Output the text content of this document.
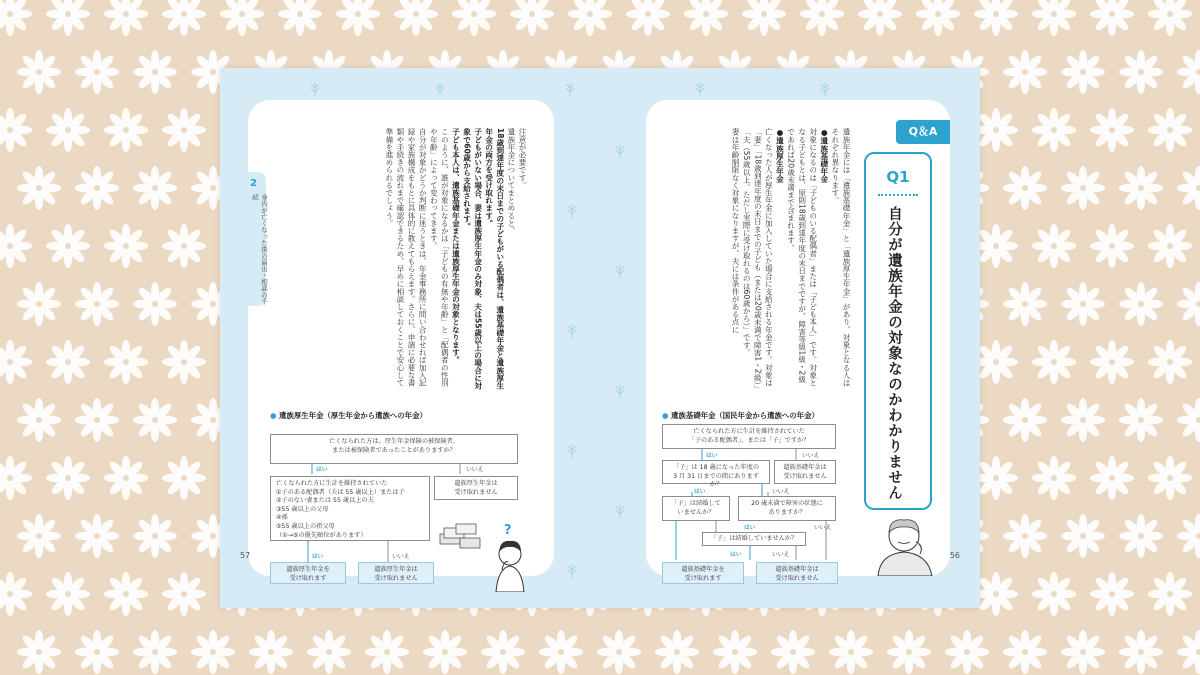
2
身内が亡くなった後の届出・相談の手続

注意が必要です。

遺族年金についてまとめると、

18歳到達年度の末日までの子どもがいる配偶者は、遺族基礎年金と遺族厚生年金の両方を受け取れます。

子どもがいない場合、妻は遺族厚生年金のみ対象、夫は55歳以上の場合に対象で60歳から支給されます。

子ども本人は、遺族基礎年金または遺族厚生年金の対象となります。

このように、誰が対象になるかは「子どもの有無や年齢」と「配偶者の性別や年齢」によって変わってきます。

自分が対象かどうか判断に迷うときは、年金事務所に問い合わせれば加入記録や家族構成をもとに具体的に教えてもらえます。さらに、申請に必要な書類や手続きの流れまで確認できるため、早めに相談しておくことで安心して準備を進められるでしょう。

● 遺族厚生年金（厚生年金から遺族への年金）
亡くなられた方は、厚生年金保険の被保険者、
または被保険者であったことがありますか？
はい	いいえ
亡くなられた方に生計を維持されていた
①子のある配偶者（夫は 55 歳以上）または子
②子のない妻または 55 歳以上の夫
③55 歳以上の父母
④孫
⑤55 歳以上の祖父母
（①→⑤の優先順位があります）
遺族厚生年金は
受け取れません
はい	いいえ
遺族厚生年金を
受け取れます
遺族厚生年金は
受け取れません
?
57
Q＆A
Q1
自分が遺族年金の対象なのかわかりません

遺族年金には「遺族基礎年金」と「遺族厚生年金」があり、対象となる人はそれぞれ異なります。

●遺族基礎年金

対象になるのは「子どものいる配偶者」または「子ども本人」です。対象となる子どもとは、原則18歳到達年度の末日までですが、障害等級1級・2級であれば20歳未満まで含まれます。

●遺族厚生年金

亡くなった人が厚生年金に加入していた場合に支給される年金です。対象は「妻」「18歳到達年度の末日までの子ども（または20歳未満で障害1・2級）」「夫（55歳以上。ただし実際に受け取れるのは60歳から）」です。

妻は年齢制限なく対象になりますが、夫には条件がある点に

● 遺族基礎年金（国民年金から遺族への年金）
亡くなられた方に生計を維持されていた
「子のある配偶者」、または「子」ですか？
はい	いいえ
「子」は 18 歳になった年度の
3 月 31 日までの間にありますか？
遺族基礎年金は
受け取れません
はい	いいえ
「子」は結婚して
いませんか？
20 歳未満で障害の状態に
ありますか？
はい	いいえ
「子」は結婚していませんか？
はい	いいえ
遺族基礎年金を
受け取れます
遺族基礎年金は
受け取れません
56
